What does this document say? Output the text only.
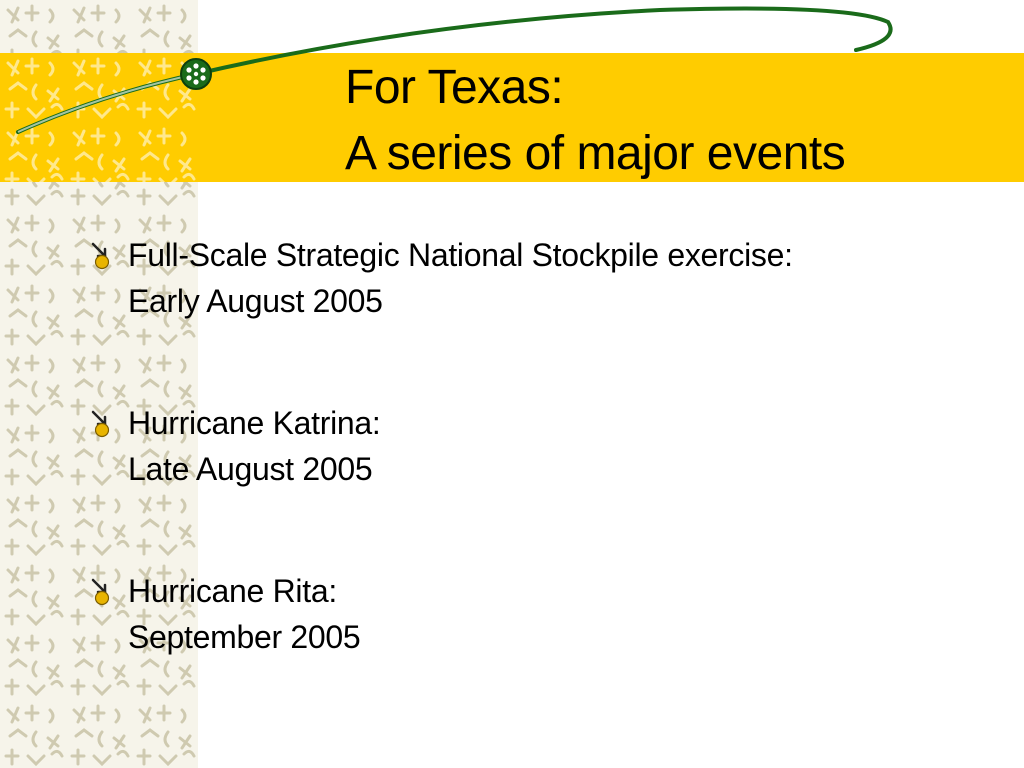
For Texas:
A series of major events
Full-Scale Strategic National Stockpile exercise:
Early August 2005
Hurricane Katrina:
Late August 2005
Hurricane Rita:
September 2005
